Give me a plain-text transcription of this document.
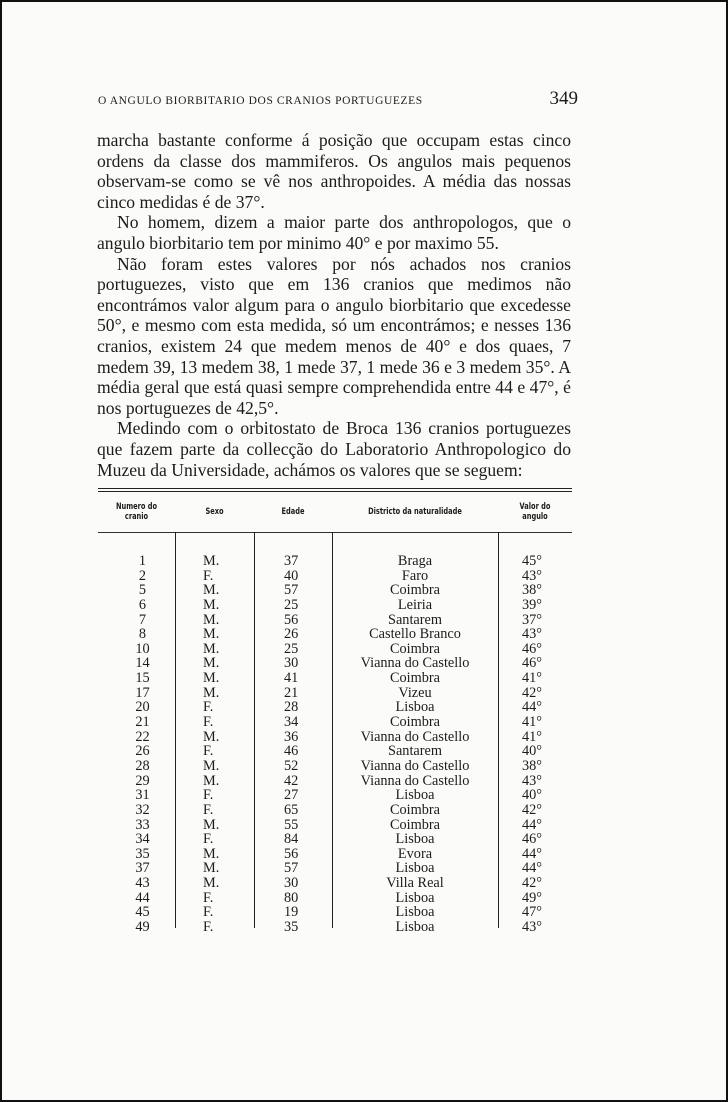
O ANGULO BIORBITARIO DOS CRANIOS PORTUGUEZES	349

marcha bastante conforme á posição que occupam estas cinco ordens da classe dos mammiferos. Os angulos mais pequenos observam-se como se vê nos anthropoides. A média das nossas cinco medidas é de 37°.

No homem, dizem a maior parte dos anthropologos, que o angulo biorbitario tem por minimo 40° e por maximo 55.

Não foram estes valores por nós achados nos cranios portuguezes, visto que em 136 cranios que medimos não encontrámos valor algum para o angulo biorbitario que excedesse 50°, e mesmo com esta medida, só um encontrámos; e nesses 136 cranios, existem 24 que medem menos de 40° e dos quaes, 7 medem 39, 13 medem 38, 1 mede 37, 1 mede 36 e 3 medem 35°. A média geral que está quasi sempre comprehendida entre 44 e 47°, é nos portuguezes de 42,5°.

Medindo com o orbitostato de Broca 136 cranios portuguezes que fazem parte da collecção do Laboratorio Anthropologico do Muzeu da Universidade, achámos os valores que se seguem:

Numero do cranio	Sexo	Edade	Districto da naturalidade	Valor do angulo
1	M.	37	Braga	45°
2	F.	40	Faro	43°
5	M.	57	Coimbra	38°
6	M.	25	Leiria	39°
7	M.	56	Santarem	37°
8	M.	26	Castello Branco	43°
10	M.	25	Coimbra	46°
14	M.	30	Vianna do Castello	46°
15	M.	41	Coimbra	41°
17	M.	21	Vizeu	42°
20	F.	28	Lisboa	44°
21	F.	34	Coimbra	41°
22	M.	36	Vianna do Castello	41°
26	F.	46	Santarem	40°
28	M.	52	Vianna do Castello	38°
29	M.	42	Vianna do Castello	43°
31	F.	27	Lisboa	40°
32	F.	65	Coimbra	42°
33	M.	55	Coimbra	44°
34	F.	84	Lisboa	46°
35	M.	56	Evora	44°
37	M.	57	Lisboa	44°
43	M.	30	Villa Real	42°
44	F.	80	Lisboa	49°
45	F.	19	Lisboa	47°
49	F.	35	Lisboa	43°
